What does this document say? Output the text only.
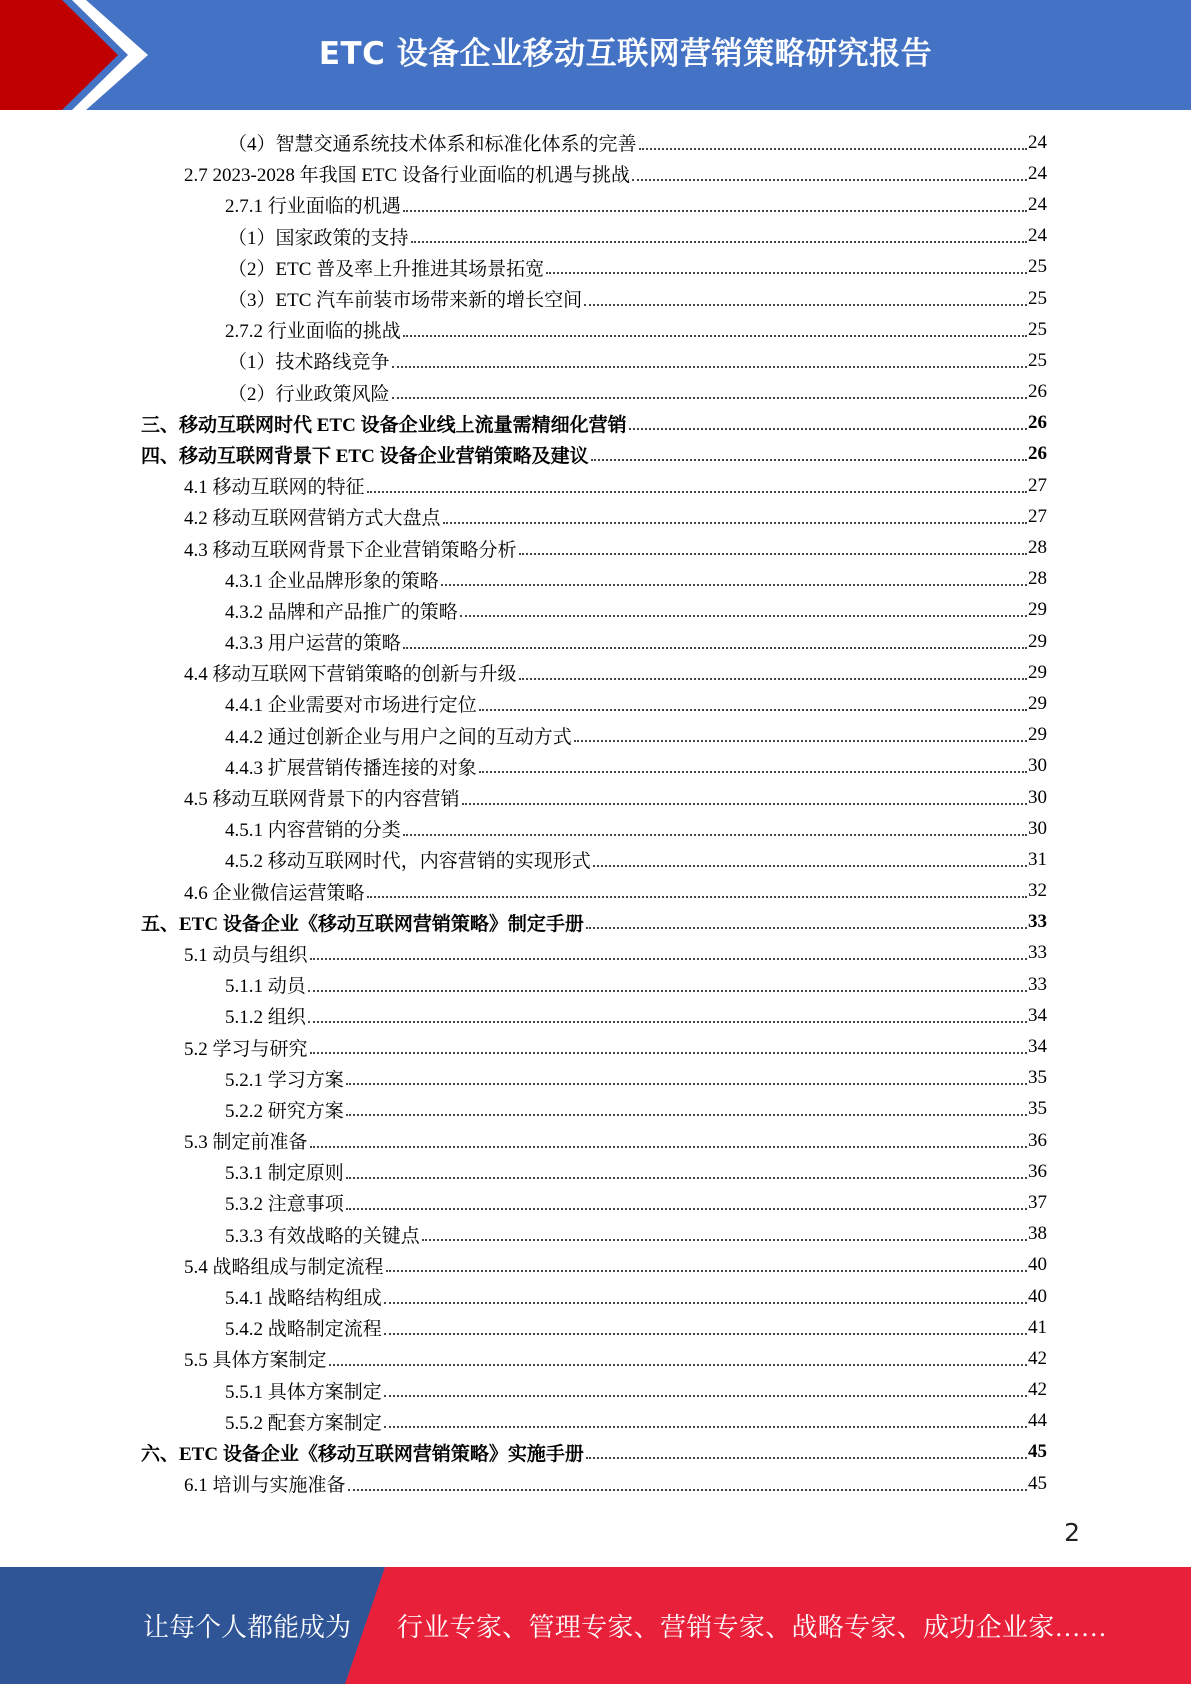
ETC 设备企业移动互联网营销策略研究报告
（4）智慧交通系统技术体系和标准化体系的完善	24
2.7 2023-2028 年我国 ETC 设备行业面临的机遇与挑战	24
2.7.1 行业面临的机遇	24
（1）国家政策的支持	24
（2）ETC 普及率上升推进其场景拓宽	25
（3）ETC 汽车前装市场带来新的增长空间	25
2.7.2 行业面临的挑战	25
（1）技术路线竞争	25
（2）行业政策风险	26
三、移动互联网时代 ETC 设备企业线上流量需精细化营销	26
四、移动互联网背景下 ETC 设备企业营销策略及建议	26
4.1 移动互联网的特征	27
4.2 移动互联网营销方式大盘点	27
4.3 移动互联网背景下企业营销策略分析	28
4.3.1 企业品牌形象的策略	28
4.3.2 品牌和产品推广的策略	29
4.3.3 用户运营的策略	29
4.4 移动互联网下营销策略的创新与升级	29
4.4.1 企业需要对市场进行定位	29
4.4.2 通过创新企业与用户之间的互动方式	29
4.4.3 扩展营销传播连接的对象	30
4.5 移动互联网背景下的内容营销	30
4.5.1 内容营销的分类	30
4.5.2 移动互联网时代，内容营销的实现形式	31
4.6 企业微信运营策略	32
五、ETC 设备企业《移动互联网营销策略》制定手册	33
5.1 动员与组织	33
5.1.1 动员	33
5.1.2 组织	34
5.2 学习与研究	34
5.2.1 学习方案	35
5.2.2 研究方案	35
5.3 制定前准备	36
5.3.1 制定原则	36
5.3.2 注意事项	37
5.3.3 有效战略的关键点	38
5.4 战略组成与制定流程	40
5.4.1 战略结构组成	40
5.4.2 战略制定流程	41
5.5 具体方案制定	42
5.5.1 具体方案制定	42
5.5.2 配套方案制定	44
六、ETC 设备企业《移动互联网营销策略》实施手册	45
6.1 培训与实施准备	45
2
让每个人都能成为 行业专家、管理专家、营销专家、战略专家、成功企业家……
